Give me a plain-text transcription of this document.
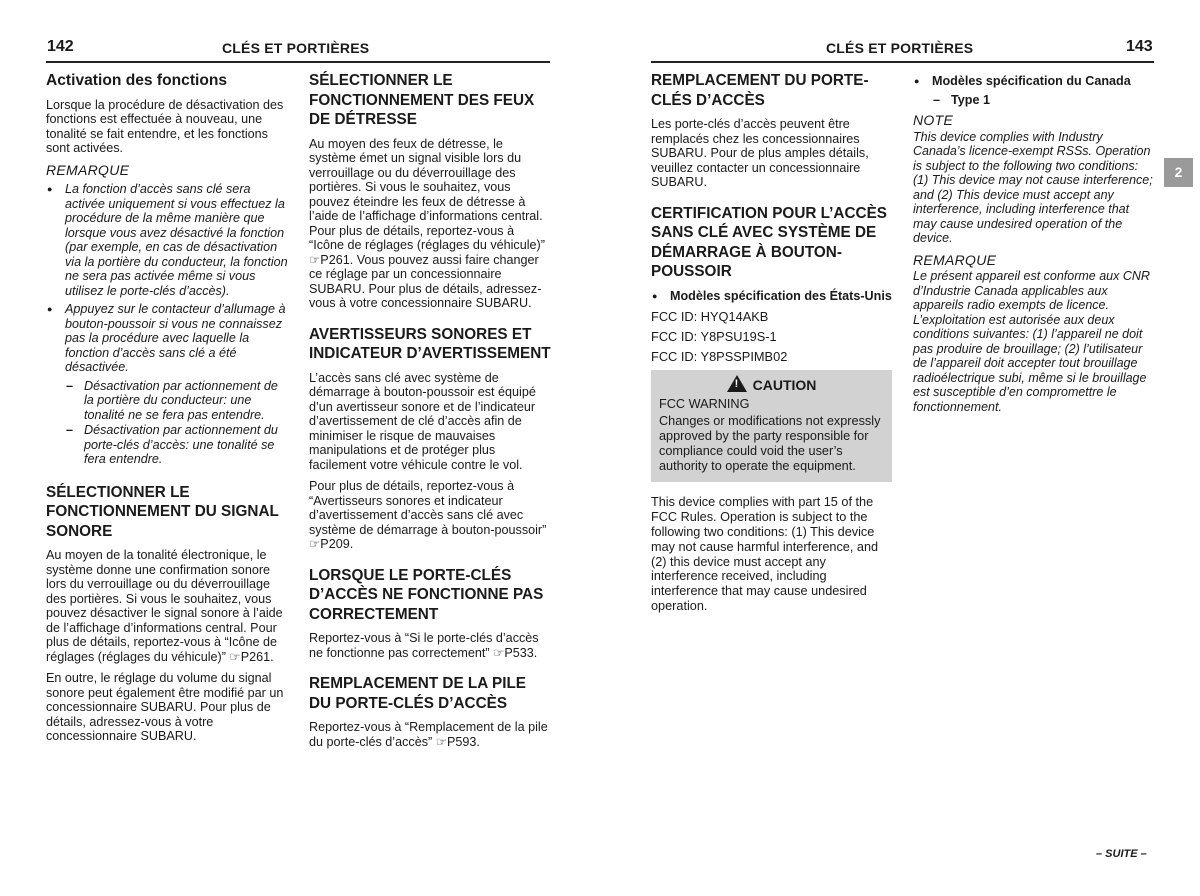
142	CLÉS ET PORTIÈRES	CLÉS ET PORTIÈRES	143
Activation des fonctions

Lorsque la procédure de désactivation des fonctions est effectuée à nouveau, une tonalité se fait entendre, et les fonctions sont activées.

REMARQUE
● La fonction d’accès sans clé sera activée uniquement si vous effectuez la procédure de la même manière que lorsque vous avez désactivé la fonction (par exemple, en cas de désactivation via la portière du conducteur, la fonction ne sera pas activée même si vous utilisez le porte-clés d’accès).
● Appuyez sur le contacteur d’allumage à bouton-poussoir si vous ne connaissez pas la procédure avec laquelle la fonction d’accès sans clé a été désactivée.
– Désactivation par actionnement de la portière du conducteur: une tonalité ne se fera pas entendre.
– Désactivation par actionnement du porte-clés d’accès: une tonalité se fera entendre.
SÉLECTIONNER LE FONCTIONNEMENT DU SIGNAL SONORE

Au moyen de la tonalité électronique, le système donne une confirmation sonore lors du verrouillage ou du déverrouillage des portières. Si vous le souhaitez, vous pouvez désactiver le signal sonore à l’aide de l’affichage d’informations central. Pour plus de détails, reportez-vous à “Icône de réglages (réglages du véhicule)” ☞P261.

En outre, le réglage du volume du signal sonore peut également être modifié par un concessionnaire SUBARU. Pour plus de détails, adressez-vous à votre concessionnaire SUBARU.

SÉLECTIONNER LE FONCTIONNEMENT DES FEUX DE DÉTRESSE

Au moyen des feux de détresse, le système émet un signal visible lors du verrouillage ou du déverrouillage des portières. Si vous le souhaitez, vous pouvez éteindre les feux de détresse à l’aide de l’affichage d’informations central. Pour plus de détails, reportez-vous à “Icône de réglages (réglages du véhicule)” ☞P261. Vous pouvez aussi faire changer ce réglage par un concessionnaire SUBARU. Pour plus de détails, adressez-vous à votre concessionnaire SUBARU.

AVERTISSEURS SONORES ET INDICATEUR D’AVERTISSEMENT

L’accès sans clé avec système de démarrage à bouton-poussoir est équipé d’un avertisseur sonore et de l’indicateur d’avertissement de clé d’accès afin de minimiser le risque de mauvaises manipulations et de protéger plus facilement votre véhicule contre le vol.

Pour plus de détails, reportez-vous à “Avertisseurs sonores et indicateur d’avertissement d’accès sans clé avec système de démarrage à bouton-poussoir” ☞P209.

LORSQUE LE PORTE-CLÉS D’ACCÈS NE FONCTIONNE PAS CORRECTEMENT

Reportez-vous à “Si le porte-clés d’accès ne fonctionne pas correctement” ☞P533.

REMPLACEMENT DE LA PILE DU PORTE-CLÉS D’ACCÈS

Reportez-vous à “Remplacement de la pile du porte-clés d’accès” ☞P593.

REMPLACEMENT DU PORTE-CLÉS D’ACCÈS

Les porte-clés d’accès peuvent être remplacés chez les concessionnaires SUBARU. Pour de plus amples détails, veuillez contacter un concessionnaire SUBARU.

CERTIFICATION POUR L’ACCÈS SANS CLÉ AVEC SYSTÈME DE DÉMARRAGE À BOUTON-POUSSOIR
● Modèles spécification des États-Unis
FCC ID: HYQ14AKB
FCC ID: Y8PSU19S-1
FCC ID: Y8PSSPIMB02
! CAUTION

FCC WARNING

Changes or modifications not expressly approved by the party responsible for compliance could void the user’s authority to operate the equipment.

This device complies with part 15 of the FCC Rules. Operation is subject to the following two conditions: (1) This device may not cause harmful interference, and (2) this device must accept any interference received, including interference that may cause undesired operation.
● Modèles spécification du Canada
– Type 1
NOTE

This device complies with Industry Canada’s licence-exempt RSSs. Operation is subject to the following two conditions: (1) This device may not cause interference; and (2) This device must accept any interference, including interference that may cause undesired operation of the device.

REMARQUE

Le présent appareil est conforme aux CNR d’Industrie Canada applicables aux appareils radio exempts de licence. L’exploitation est autorisée aux deux conditions suivantes: (1) l’appareil ne doit pas produire de brouillage; (2) l’utilisateur de l’appareil doit accepter tout brouillage radioélectrique subi, même si le brouillage est susceptible d’en compromettre le fonctionnement.

2
– SUITE –
